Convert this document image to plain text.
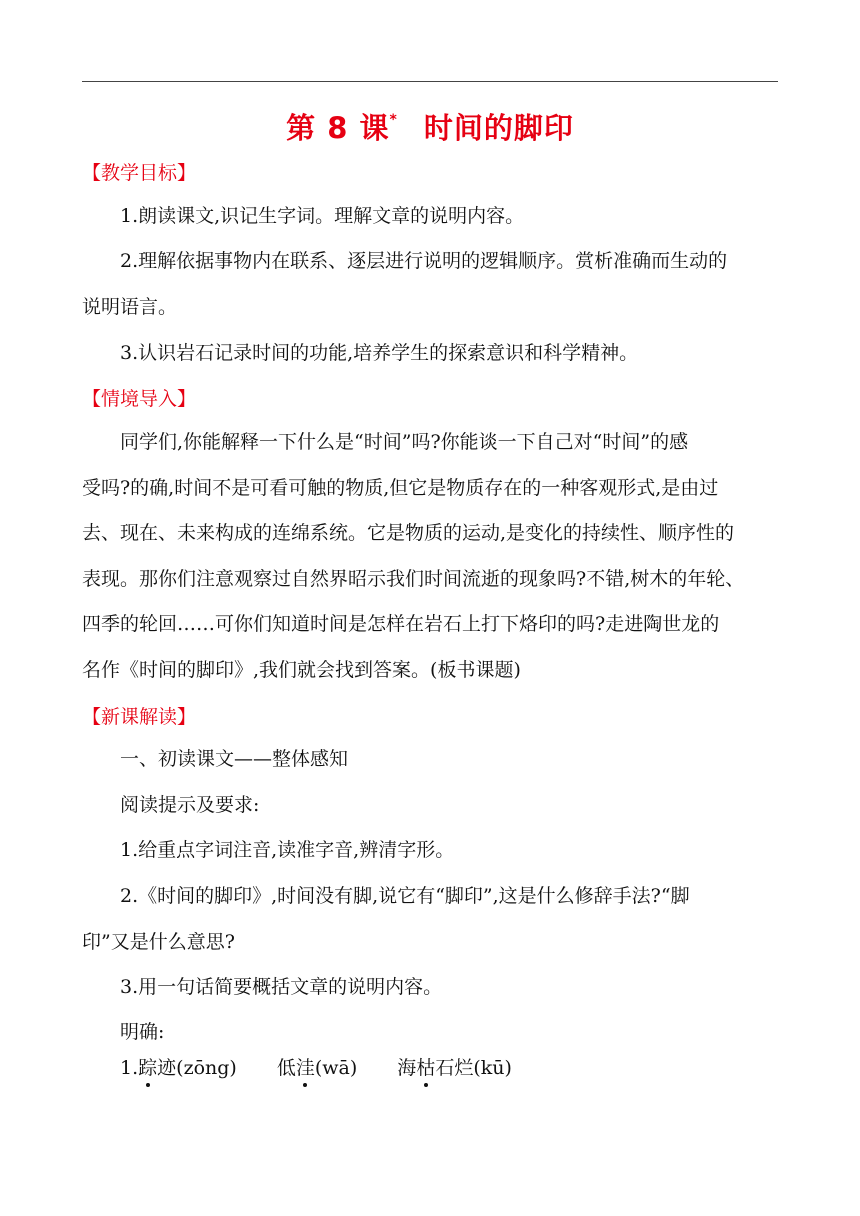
第 8 课* 时间的脚印
【教学目标】
1.朗读课文,识记生字词。理解文章的说明内容。
2.理解依据事物内在联系、逐层进行说明的逻辑顺序。赏析准确而生动的
说明语言。
3.认识岩石记录时间的功能,培养学生的探索意识和科学精神。
【情境导入】
同学们,你能解释一下什么是“时间”吗?你能谈一下自己对“时间”的感
受吗?的确,时间不是可看可触的物质,但它是物质存在的一种客观形式,是由过
去、现在、未来构成的连绵系统。它是物质的运动,是变化的持续性、顺序性的
表现。那你们注意观察过自然界昭示我们时间流逝的现象吗?不错,树木的年轮、
四季的轮回……可你们知道时间是怎样在岩石上打下烙印的吗?走进陶世龙的
名作《时间的脚印》,我们就会找到答案。(板书课题)
【新课解读】
一、初读课文——整体感知
阅读提示及要求:
1.给重点字词注音,读准字音,辨清字形。
2.《时间的脚印》,时间没有脚,说它有“脚印”,这是什么修辞手法?“脚
印”又是什么意思?
3.用一句话简要概括文章的说明内容。
明确:
1.踪迹(zōng) 低洼(wā) 海枯石烂(kū)
